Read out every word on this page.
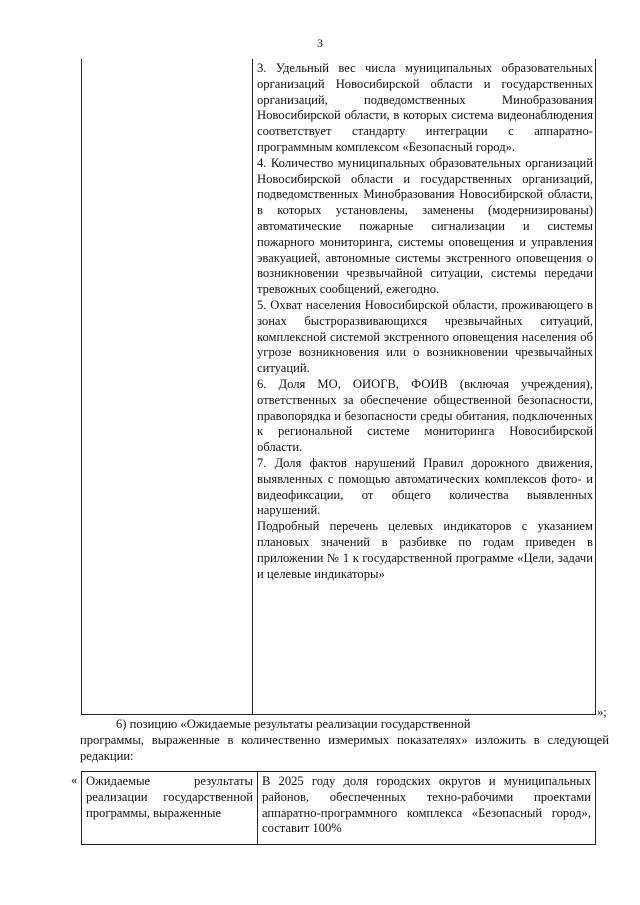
3

3. Удельный вес числа муниципальных образовательных организаций Новосибирской области и государственных организаций, подведомственных Минобразования Новосибирской области, в которых система видеонаблюдения соответствует стандарту интеграции с аппаратно-программным комплексом «Безопасный город».

4. Количество муниципальных образовательных организаций Новосибирской области и государственных организаций, подведомственных Минобразования Новосибирской области, в которых установлены, заменены (модернизированы) автоматические пожарные сигнализации и системы пожарного мониторинга, системы оповещения и управления эвакуацией, автономные системы экстренного оповещения о возникновении чрезвычайной ситуации, системы передачи тревожных сообщений, ежегодно.

5. Охват населения Новосибирской области, проживающего в зонах быстроразвивающихся чрезвычайных ситуаций, комплексной системой экстренного оповещения населения об угрозе возникновения или о возникновении чрезвычайных ситуаций.

6. Доля МО, ОИОГВ, ФОИВ (включая учреждения), ответственных за обеспечение общественной безопасности, правопорядка и безопасности среды обитания, подключенных к региональной системе мониторинга Новосибирской области.

7. Доля фактов нарушений Правил дорожного движения, выявленных с помощью автоматических комплексов фото- и видеофиксации, от общего количества выявленных нарушений.

Подробный перечень целевых индикаторов с указанием плановых значений в разбивке по годам приведен в приложении № 1 к государственной программе «Цели, задачи и целевые индикаторы»

»;

6) позицию «Ожидаемые результаты реализации государственной
программы, выраженные в количественно измеримых показателях» изложить в следующей редакции:

« Ожидаемые результаты реализации государственной программы, выраженные
В 2025 году доля городских округов и муниципальных районов, обеспеченных техно-рабочими проектами аппаратно-программного комплекса «Безопасный город», составит 100%
